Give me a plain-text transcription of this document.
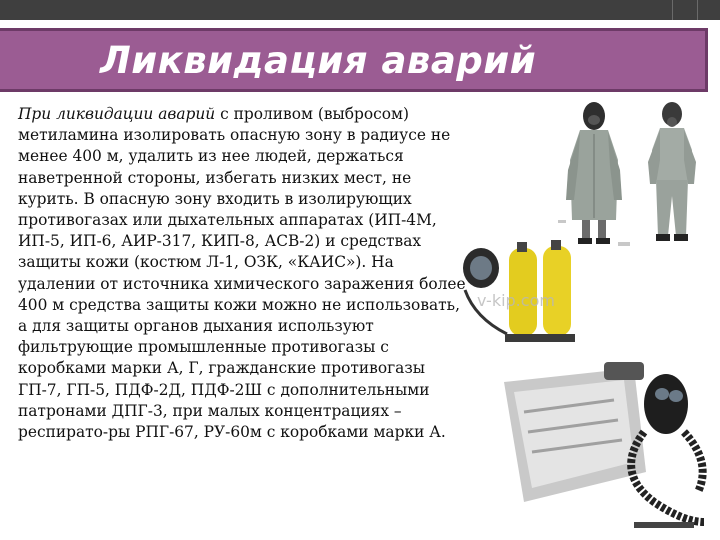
Ликвидация аварий
При ликвидации аварий с проливом (выбросом) метиламина изолировать опасную зону в радиусе не менее 400 м, удалить из нее людей, держаться наветренной стороны, избегать низких мест, не курить. В опасную зону входить в изолирующих противогазах или дыхательных аппаратах (ИП-4М, ИП-5, ИП-6, АИР-317, КИП-8, АСВ-2) и средствах защиты кожи (костюм Л-1, ОЗК, «КАИС»). На удалении от источника химического заражения более 400 м средства защиты кожи можно не использовать, а для защиты органов дыхания используют фильтрующие промышленные противогазы с коробками марки А, Г, гражданские противогазы ГП-7, ГП-5, ПДФ-2Д, ПДФ-2Ш с дополнительными патронами ДПГ-3, при малых концентрациях – респирато-ры РПГ-67, РУ-60м с коробками марки А.
v-kip.com
